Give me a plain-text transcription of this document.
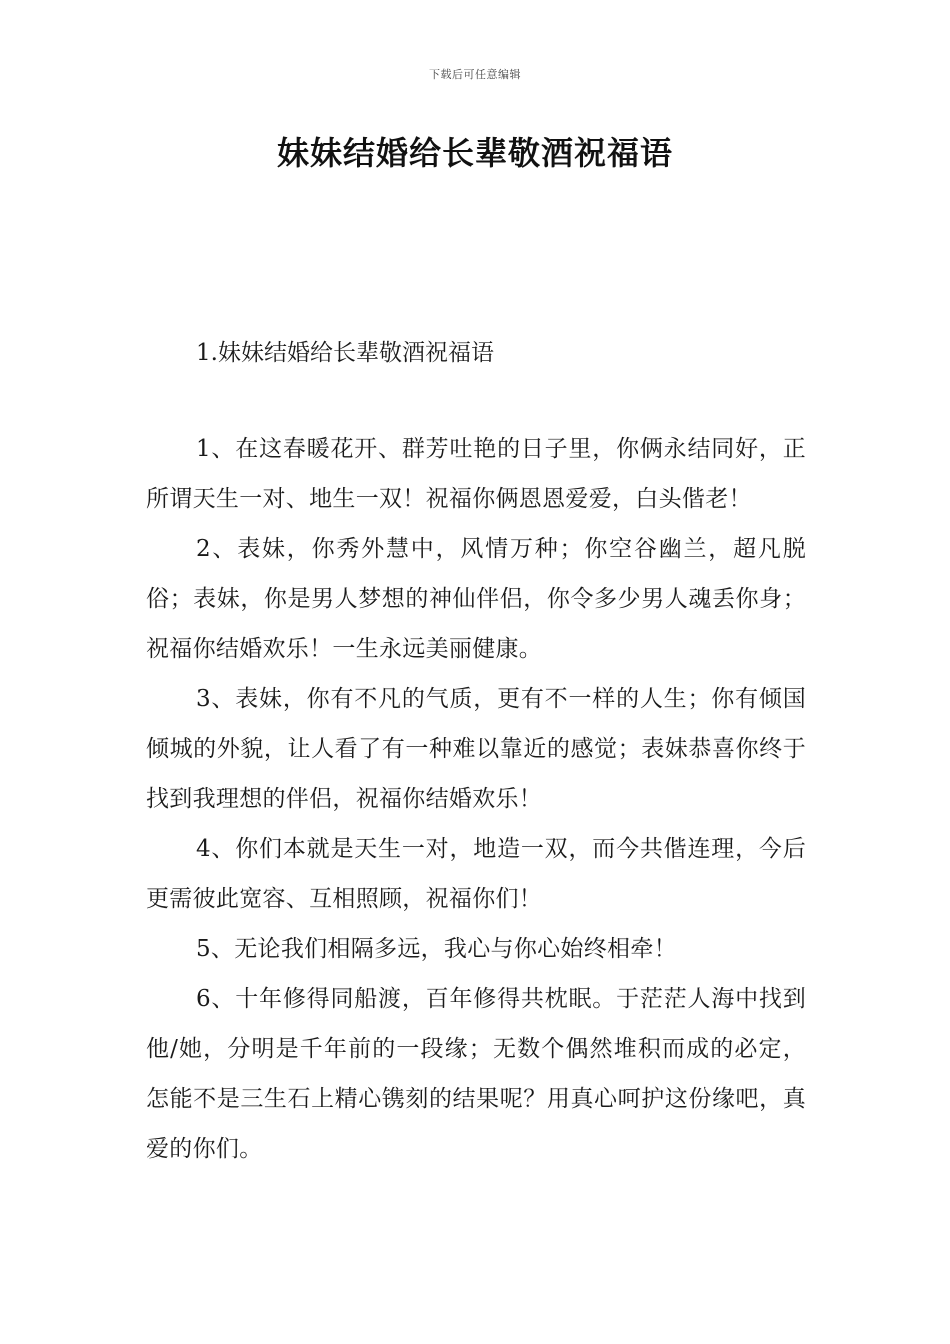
下载后可任意编辑
妹妹结婚给长辈敬酒祝福语
1.妹妹结婚给长辈敬酒祝福语

1、在这春暖花开、群芳吐艳的日子里，你俩永结同好，正所谓天生一对、地生一双！祝福你俩恩恩爱爱，白头偕老！

2、表妹，你秀外慧中，风情万种；你空谷幽兰，超凡脱俗；表妹，你是男人梦想的神仙伴侣，你令多少男人魂丢你身；祝福你结婚欢乐！一生永远美丽健康。

3、表妹，你有不凡的气质，更有不一样的人生；你有倾国倾城的外貌，让人看了有一种难以靠近的感觉；表妹恭喜你终于找到我理想的伴侣，祝福你结婚欢乐！

4、你们本就是天生一对，地造一双，而今共偕连理，今后更需彼此宽容、互相照顾，祝福你们！

5、无论我们相隔多远，我心与你心始终相牵！

6、十年修得同船渡，百年修得共枕眠。于茫茫人海中找到他/她，分明是千年前的一段缘；无数个偶然堆积而成的必定，怎能不是三生石上精心镌刻的结果呢？用真心呵护这份缘吧，真爱的你们。
